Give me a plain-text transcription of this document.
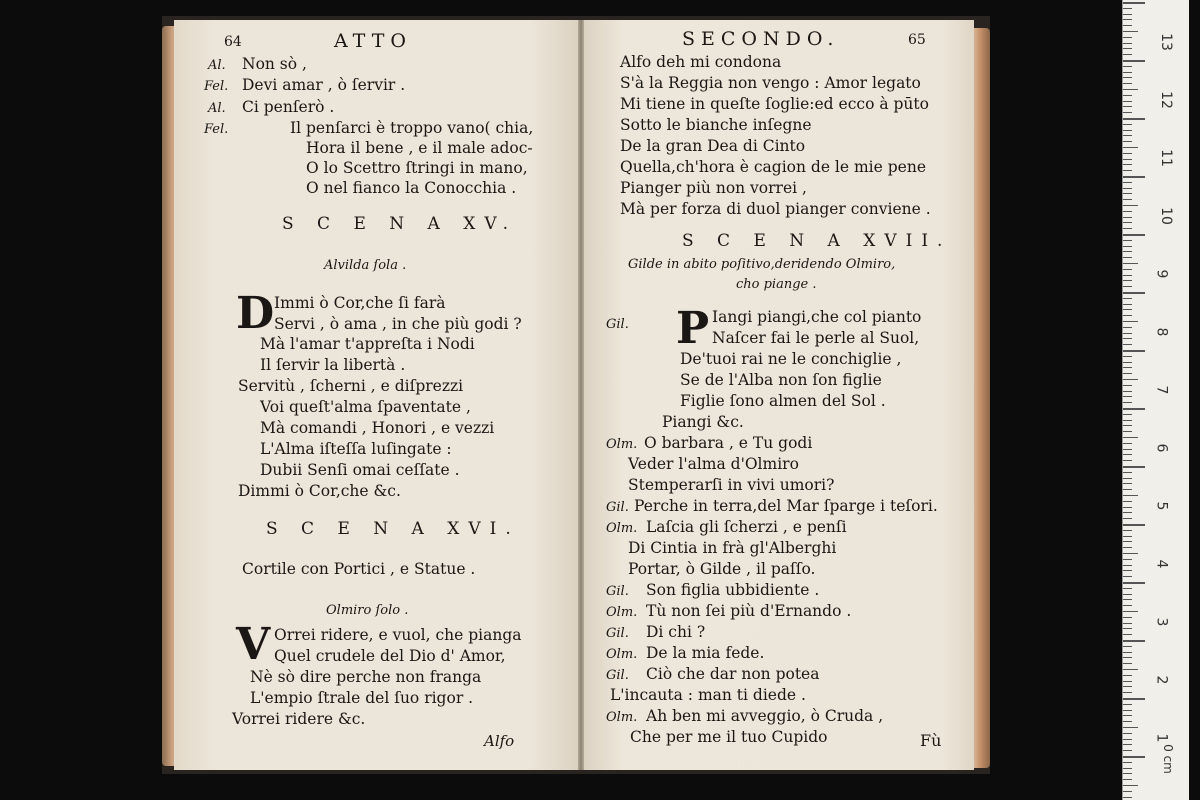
64	ATTO
Al. Non sò ,
Fel. Devi amar , ò ſervir .
Al. Ci penſerò .
Fel.	Il penſarci è troppo vano( chia,
Hora il bene , e il male adoc-
O lo Scettro ſtringi in mano,
O nel fianco la Conocchia .
S C E N A XV.
Alvilda ſola .
D Immi ò Cor,che ſi farà
Servi , ò ama , in che più godi ?
Mà l'amar t'appreſta i Nodi
Il ſervir la libertà .
Servitù , ſcherni , e diſprezzi
Voi queſt'alma ſpaventate ,
Mà comandi , Honori , e vezzi
L'Alma iſteſſa luſingate :
Dubii Senſi omai ceſſate .
Dimmi ò Cor,che &c.
S C E N A XVI.
Cortile con Portici , e Statue .
Olmiro ſolo .
V Orrei ridere, e vuol, che pianga
Quel crudele del Dio d' Amor,
Nè sò dire perche non franga
L'empio ſtrale del ſuo rigor .
Vorrei ridere &c.
Alfo
SECONDO.	65
Alfo deh mi condona
S'à la Reggia non vengo : Amor legato
Mi tiene in queſte ſoglie:ed ecco à pūto
Sotto le bianche inſegne
De la gran Dea di Cinto
Quella,ch'hora è cagion de le mie pene
Pianger più non vorrei ,
Mà per forza di duol pianger conviene .
S C E N A XVII.
Gilde in abito poſitivo,deridendo Olmiro,
cho piange .
Gil. P Iangi piangi,che col pianto
Naſcer fai le perle al Suol,
De'tuoi rai ne le conchiglie ,
Se de l'Alba non ſon figlie
Figlie ſono almen del Sol .
Piangi &c.
Olm. O barbara , e Tu godi
Veder l'alma d'Olmiro
Stemperarſi in vivi umori?
Gil. Perche in terra,del Mar ſparge i teſori.
Olm. Laſcia gli ſcherzi , e penſi
Di Cintia in frà gl'Alberghi
Portar, ò Gilde , il paſſo.
Gil. Son figlia ubbidiente .
Olm. Tù non ſei più d'Ernando .
Gil. Di chi ?
Olm. De la mia fede.
Gil. Ciò che dar non potea
L'incauta : man ti diede .
Olm. Ah ben mi avveggio, ò Cruda ,
Che per me il tuo Cupido	Fù
13
12
11
10
9
8
7
6
5
4
3
2
1
0 cm
